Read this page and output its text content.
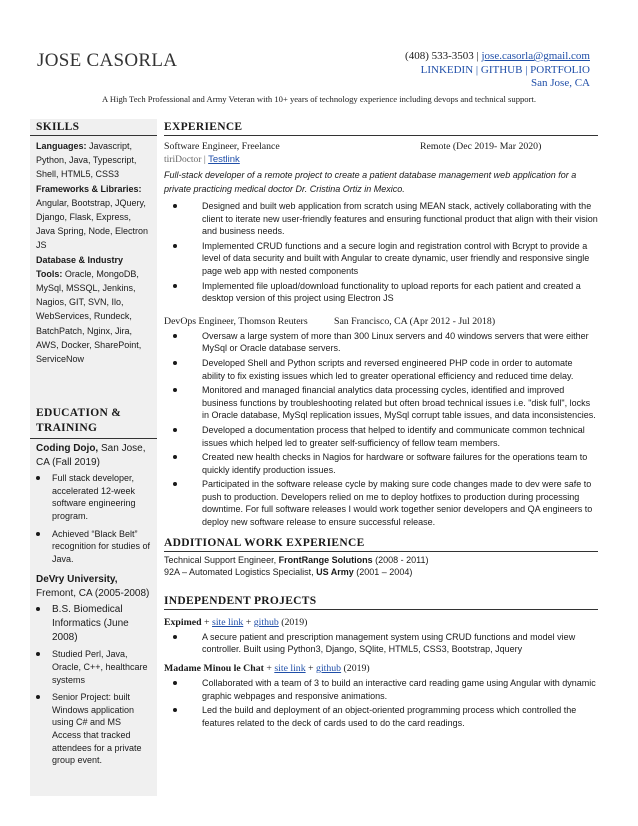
JOSE CASORLA	(408) 533-3503 | jose.casorla@gmail.com
LINKEDIN | GITHUB | PORTFOLIO
San Jose, CA
A High Tech Professional and Army Veteran with 10+ years of technology experience including devops and technical support.
SKILLS
Languages: Javascript, Python, Java, Typescript, Shell, HTML5, CSS3
Frameworks & Libraries:
Angular, Bootstrap, JQuery, Django, Flask, Express, Java Spring, Node, Electron JS
Database & Industry Tools: Oracle, MongoDB, MySql, MSSQL, Jenkins, Nagios, GIT, SVN, Ilo, WebServices, Rundeck, BatchPatch, Nginx, Jira, AWS, Docker, SharePoint, ServiceNow
EDUCATION & TRAINING
Coding Dojo, San Jose, CA (Fall 2019)
Full stack developer, accelerated 12-week software engineering program.
Achieved “Black Belt” recognition for studies of Java.
DeVry University, Fremont, CA (2005-2008)
B.S. Biomedical Informatics (June 2008)
Studied Perl, Java, Oracle, C++, healthcare systems
Senior Project: built Windows application using C# and MS Access that tracked attendees for a private group event.
EXPERIENCE
Software Engineer, Freelance	Remote (Dec 2019- Mar 2020)
tiriDoctor | Testlink
Full-stack developer of a remote project to create a patient database management web application for a private practicing medical doctor Dr. Cristina Ortiz in Mexico.
Designed and built web application from scratch using MEAN stack, actively collaborating with the client to iterate new user-friendly features and ensuring functional product that align with their vision and business needs.
Implemented CRUD functions and a secure login and registration control with Bcrypt to provide a level of data security and built with Angular to create dynamic, user friendly and responsive single page web app with nested components
Implemented file upload/download functionality to upload reports for each patient and created a desktop version of this project using Electron JS
DevOps Engineer, Thomson Reuters	San Francisco, CA (Apr 2012 - Jul 2018)
Oversaw a large system of more than 300 Linux servers and 40 windows servers that were either MySql or Oracle database servers.
Developed Shell and Python scripts and reversed engineered PHP code in order to automate ability to fix existing issues which led to greater operational efficiency and reduced time delay.
Monitored and managed financial analytics data processing cycles, identified and improved business functions by troubleshooting related but often broad technical issues i.e. "disk full", locks in Oracle database, MySql replication issues, MySql corrupt table issues, and data inconsistencies.
Developed a documentation process that helped to identify and communicate common technical issues which helped led to greater self-sufficiency of fellow team members.
Created new health checks in Nagios for hardware or software failures for the operations team to quickly identify production issues.
Participated in the software release cycle by making sure code changes made to dev were safe to push to production. Developers relied on me to deploy hotfixes to production during processing downtime. For full software releases I would work together senior developers and QA engineers to deploy new software release to ensure successful release.
ADDITIONAL WORK EXPERIENCE
Technical Support Engineer, FrontRange Solutions (2008 - 2011)
92A – Automated Logistics Specialist, US Army (2001 – 2004)
INDEPENDENT PROJECTS
Expimed + site link + github (2019)
A secure patient and prescription management system using CRUD functions and model view controller. Built using Python3, Django, SQlite, HTML5, CSS3, Bootstrap, Jquery
Madame Minou le Chat + site link + github (2019)
Collaborated with a team of 3 to build an interactive card reading game using Angular with dynamic graphic webpages and responsive animations.
Led the build and deployment of an object-oriented programming process which controlled the features related to the deck of cards used to do the card readings.
